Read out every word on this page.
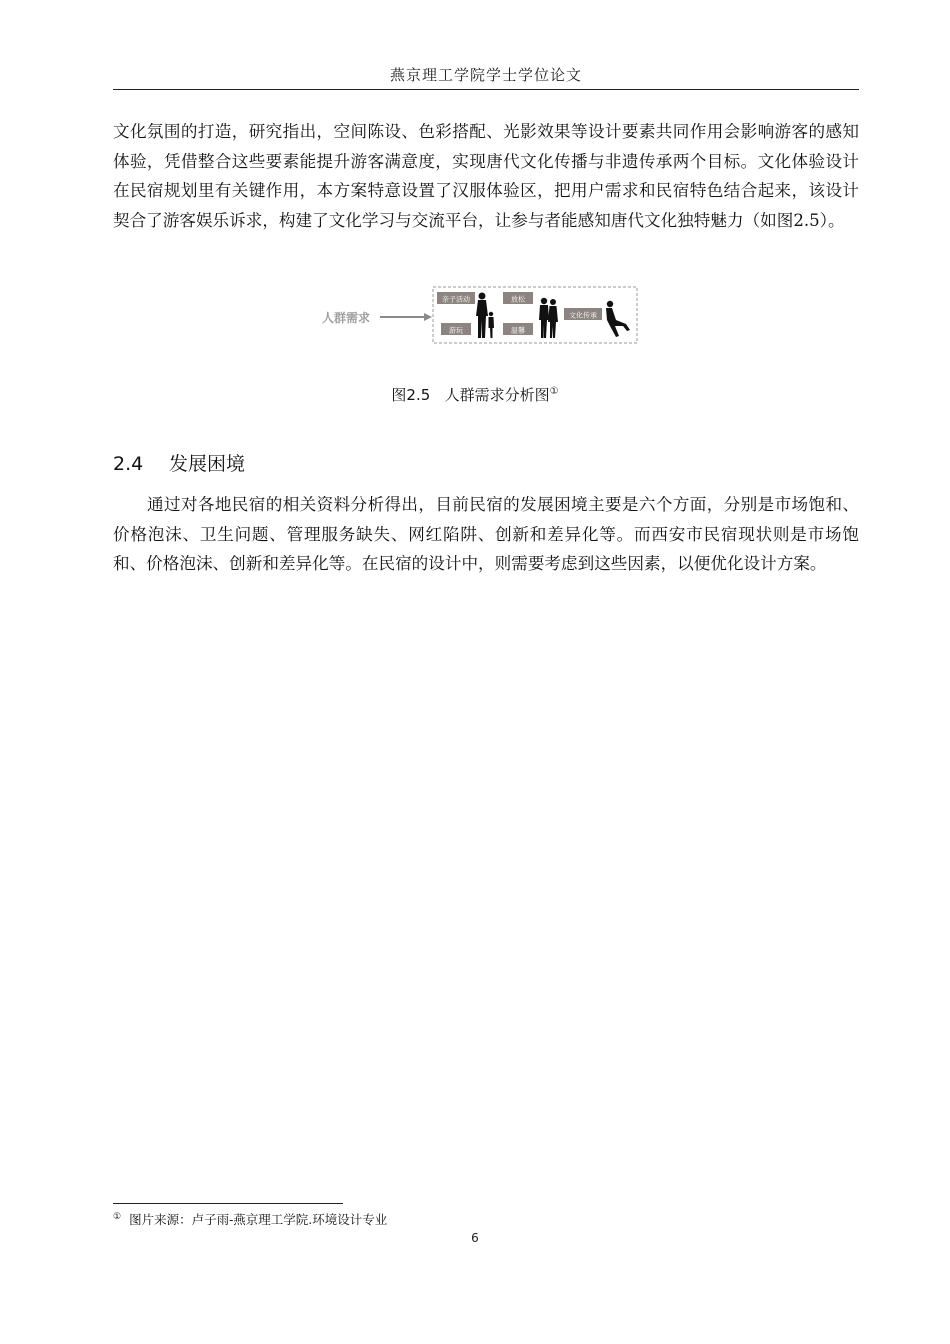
燕京理工学院学士学位论文

文化氛围的打造，研究指出，空间陈设、色彩搭配、光影效果等设计要素共同作用会影响游客的感知体验，凭借整合这些要素能提升游客满意度，实现唐代文化传播与非遗传承两个目标。文化体验设计在民宿规划里有关键作用，本方案特意设置了汉服体验区，把用户需求和民宿特色结合起来，该设计契合了游客娱乐诉求，构建了文化学习与交流平台，让参与者能感知唐代文化独特魅力（如图2.5）。

人群需求
亲子活动
游玩
放松
温馨
文化传承
图2.5 人群需求分析图①
2.4 发展困境

通过对各地民宿的相关资料分析得出，目前民宿的发展困境主要是六个方面，分别是市场饱和、价格泡沫、卫生问题、管理服务缺失、网红陷阱、创新和差异化等。而西安市民宿现状则是市场饱和、价格泡沫、创新和差异化等。在民宿的设计中，则需要考虑到这些因素，以便优化设计方案。

① 图片来源：卢子雨-燕京理工学院.环境设计专业
6
